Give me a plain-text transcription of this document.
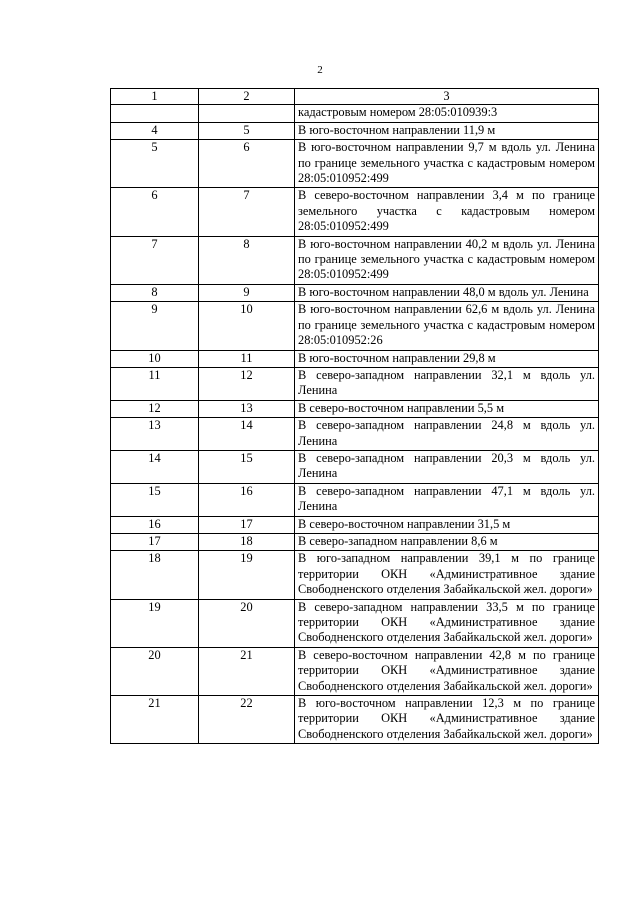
2
1	2	3
		кадастровым номером 28:05:010939:3
4	5	В юго-восточном направлении 11,9 м
5	6	В юго-восточном направлении 9,7 м вдоль ул. Ленина по границе земельного участка с кадастровым номером 28:05:010952:499
6	7	В северо-восточном направлении 3,4 м по границе земельного участка с кадастровым номером 28:05:010952:499
7	8	В юго-восточном направлении 40,2 м вдоль ул. Ленина по границе земельного участка с кадастровым номером 28:05:010952:499
8	9	В юго-восточном направлении 48,0 м вдоль ул. Ленина
9	10	В юго-восточном направлении 62,6 м вдоль ул. Ленина по границе земельного участка с кадастровым номером 28:05:010952:26
10	11	В юго-восточном направлении 29,8 м
11	12	В северо-западном направлении 32,1 м вдоль ул. Ленина
12	13	В северо-восточном направлении 5,5 м
13	14	В северо-западном направлении 24,8 м вдоль ул. Ленина
14	15	В северо-западном направлении 20,3 м вдоль ул. Ленина
15	16	В северо-западном направлении 47,1 м вдоль ул. Ленина
16	17	В северо-восточном направлении 31,5 м
17	18	В северо-западном направлении 8,6 м
18	19	В юго-западном направлении 39,1 м по границе территории ОКН «Административное здание Свободненского отделения Забайкальской жел. дороги»
19	20	В северо-западном направлении 33,5 м по границе территории ОКН «Административное здание Свободненского отделения Забайкальской жел. дороги»
20	21	В северо-восточном направлении 42,8 м по границе территории ОКН «Административное здание Свободненского отделения Забайкальской жел. дороги»
21	22	В юго-восточном направлении 12,3 м по границе территории ОКН «Административное здание Свободненского отделения Забайкальской жел. дороги»
